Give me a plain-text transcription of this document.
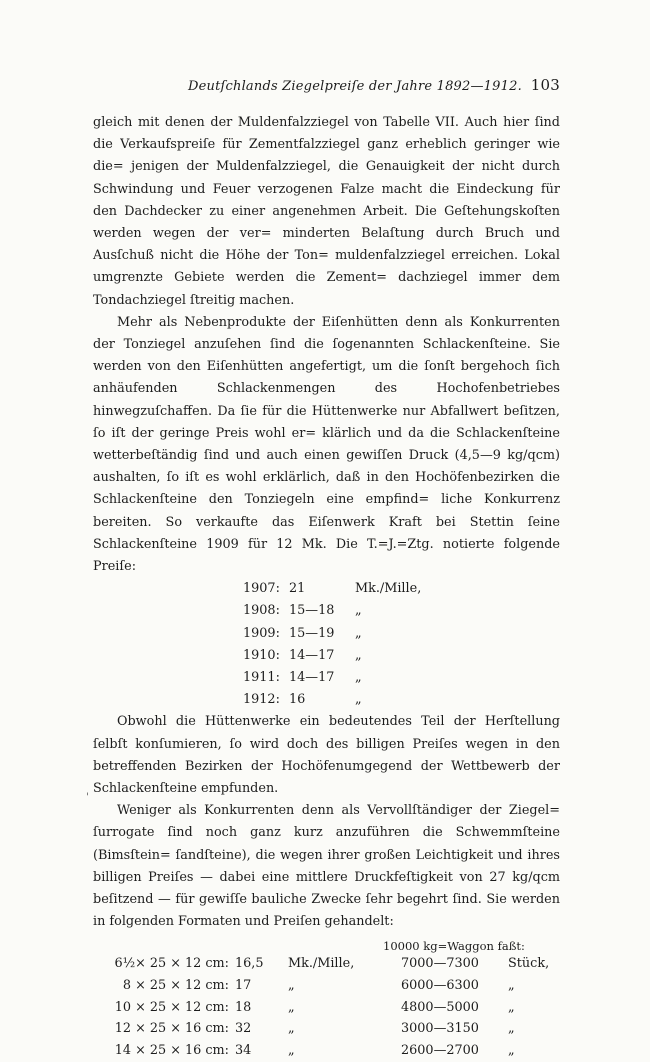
Deutſchlands Ziegelpreiſe der Jahre 1892—1912. 103
'

gleich mit denen der Muldenfalzziegel von Tabelle VII. Auch hier ſind die Verkaufspreiſe für Zementfalzziegel ganz erheblich geringer wie die= jenigen der Muldenfalzziegel, die Genauigkeit der nicht durch Schwindung und Feuer verzogenen Falze macht die Eindeckung für den Dachdecker zu einer angenehmen Arbeit. Die Geſtehungskoſten werden wegen der ver= minderten Belaſtung durch Bruch und Ausſchuß nicht die Höhe der Ton= muldenfalzziegel erreichen. Lokal umgrenzte Gebiete werden die Zement= dachziegel immer dem Tondachziegel ſtreitig machen.

Mehr als Nebenprodukte der Eiſenhütten denn als Konkurrenten der Tonziegel anzuſehen ſind die ſogenannten Schlackenſteine. Sie werden von den Eiſenhütten angefertigt, um die ſonſt bergehoch ſich anhäufenden Schlackenmengen des Hochofenbetriebes hinwegzuſchaffen. Da ſie für die Hüttenwerke nur Abfallwert beſitzen, ſo iſt der geringe Preis wohl er= klärlich und da die Schlackenſteine wetterbeſtändig ſind und auch einen gewiſſen Druck (4,5—9 kg/qcm) aushalten, ſo iſt es wohl erklärlich, daß in den Hochöfenbezirken die Schlackenſteine den Tonziegeln eine empfind= liche Konkurrenz bereiten. So verkaufte das Eiſenwerk Kraft bei Stettin ſeine Schlackenſteine 1909 für 12 Mk. Die T.=J.=Ztg. notierte folgende Preiſe:

1907: 21	Mk./Mille,
1908: 15—18 „
1909: 15—19 „
1910: 14—17 „
1911: 14—17 „
1912: 16	„

Obwohl die Hüttenwerke ein bedeutendes Teil der Herſtellung ſelbſt konſumieren, ſo wird doch des billigen Preiſes wegen in den betreffenden Bezirken der Hochöfenumgegend der Wettbewerb der Schlackenſteine empfunden.

Weniger als Konkurrenten denn als Vervollſtändiger der Ziegel= ſurrogate ſind noch ganz kurz anzuführen die Schwemmſteine (Bimsſtein= ſandſteine), die wegen ihrer großen Leichtigkeit und ihres billigen Preiſes — dabei eine mittlere Druckfeſtigkeit von 27 kg/qcm beſitzend — für gewiſſe bauliche Zwecke ſehr begehrt ſind. Sie werden in folgenden Formaten und Preiſen gehandelt:

10000 kg=Waggon faßt:
6½× 25 × 12 cm: 16,5 Mk./Mille,	7000—7300 Stück,
8 × 25 × 12 cm: 17	„	6000—6300 „
10 × 25 × 12 cm: 18	„	4800—5000 „
12 × 25 × 16 cm: 32	„	3000—3150 „
14 × 25 × 16 cm: 34	„	2600—2700 „
